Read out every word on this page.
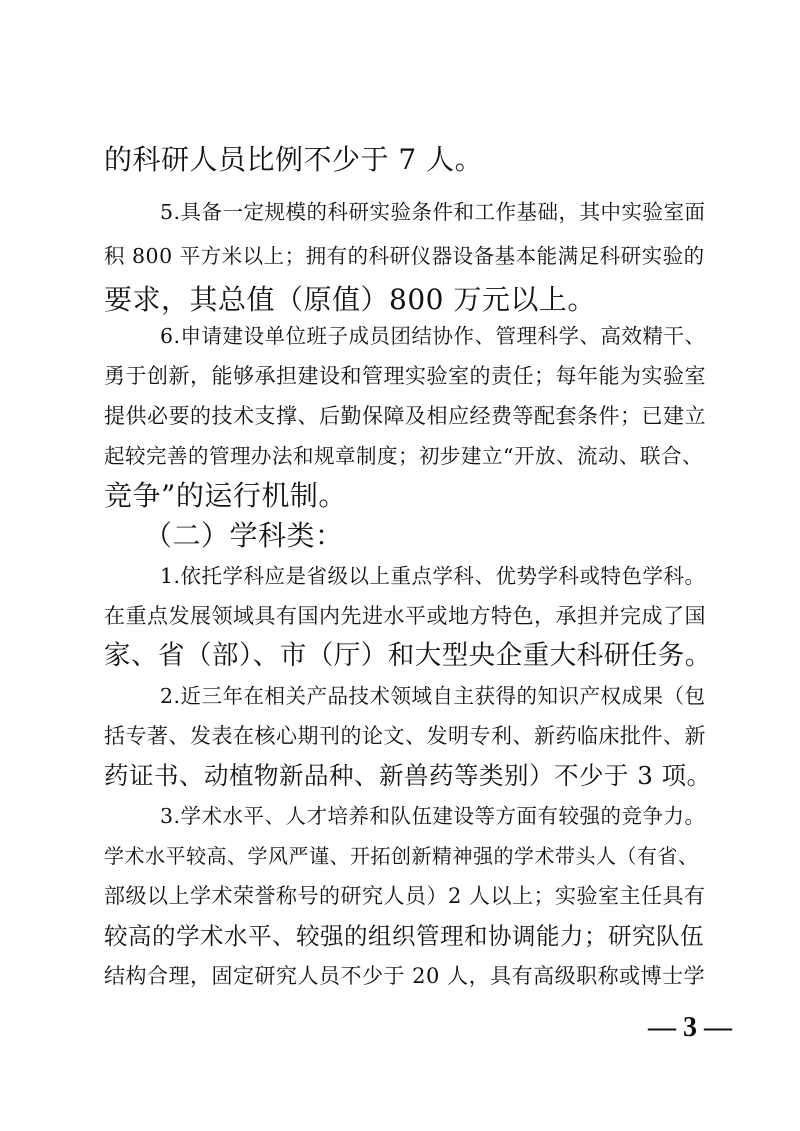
的科研人员比例不少于 7 人。
5.具备一定规模的科研实验条件和工作基础，其中实验室面
积 800 平方米以上；拥有的科研仪器设备基本能满足科研实验的
要求，其总值（原值）800 万元以上。
6.申请建设单位班子成员团结协作、管理科学、高效精干、
勇于创新，能够承担建设和管理实验室的责任；每年能为实验室
提供必要的技术支撑、后勤保障及相应经费等配套条件；已建立
起较完善的管理办法和规章制度；初步建立“开放、流动、联合、
竞争”的运行机制。
（二）学科类：
1.依托学科应是省级以上重点学科、优势学科或特色学科。
在重点发展领域具有国内先进水平或地方特色，承担并完成了国
家、省（部）、市（厅）和大型央企重大科研任务。
2.近三年在相关产品技术领域自主获得的知识产权成果（包
括专著、发表在核心期刊的论文、发明专利、新药临床批件、新
药证书、动植物新品种、新兽药等类别）不少于 3 项。
3.学术水平、人才培养和队伍建设等方面有较强的竞争力。
学术水平较高、学风严谨、开拓创新精神强的学术带头人（有省、
部级以上学术荣誉称号的研究人员）2 人以上；实验室主任具有
较高的学术水平、较强的组织管理和协调能力；研究队伍
结构合理，固定研究人员不少于 20 人，具有高级职称或博士学
— 3 —
